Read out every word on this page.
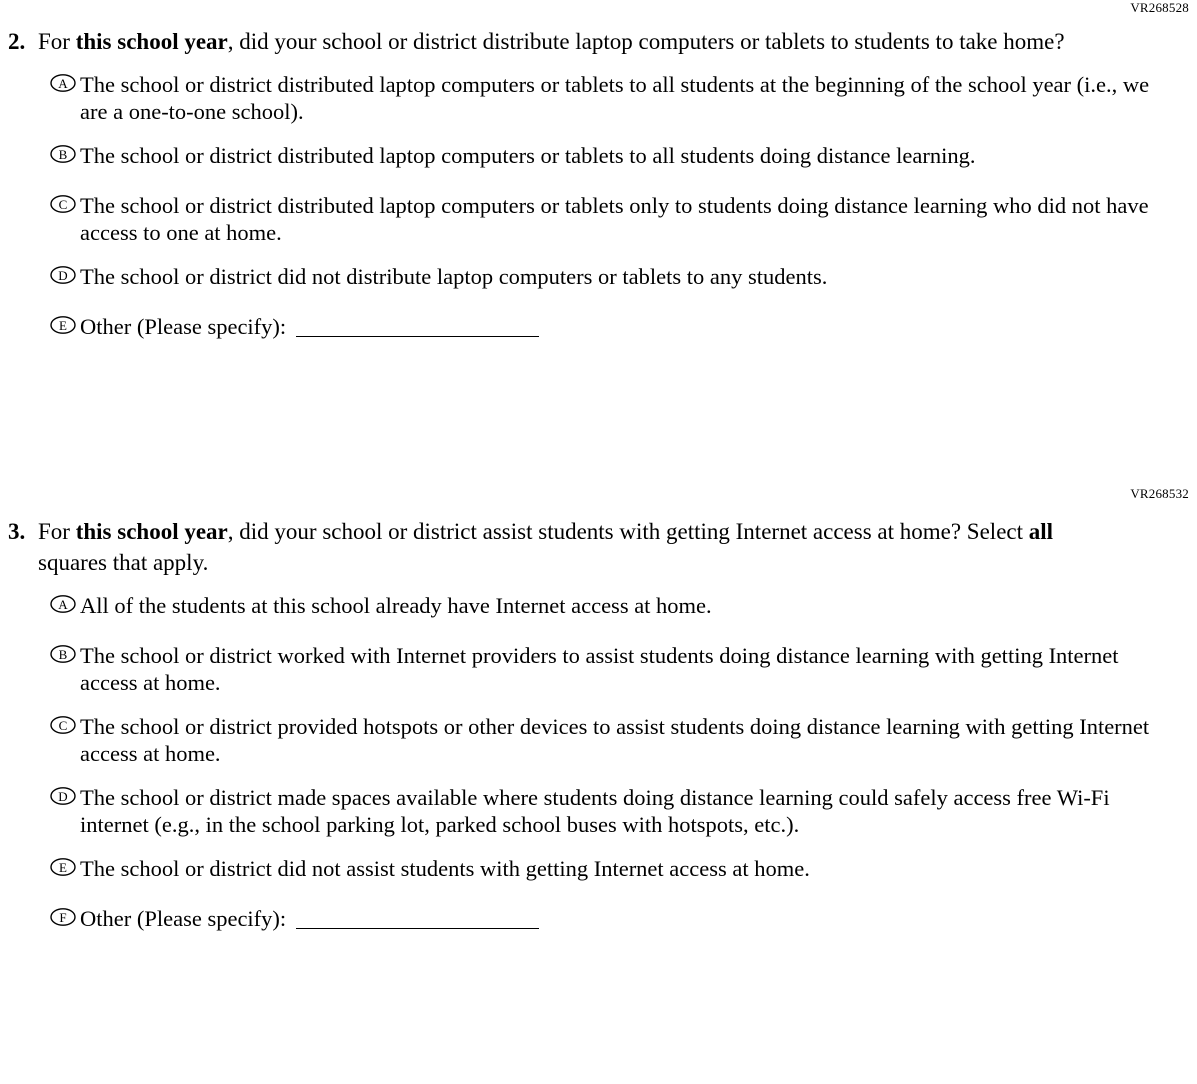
VR268528
2. For this school year, did your school or district distribute laptop computers or tablets to students to take home?
A The school or district distributed laptop computers or tablets to all students at the beginning of the school year (i.e., we are a one-to-one school).
B The school or district distributed laptop computers or tablets to all students doing distance learning.
C The school or district distributed laptop computers or tablets only to students doing distance learning who did not have access to one at home.
D The school or district did not distribute laptop computers or tablets to any students.
E Other (Please specify):
VR268532
3. For this school year, did your school or district assist students with getting Internet access at home? Select all squares that apply.
A All of the students at this school already have Internet access at home.
B The school or district worked with Internet providers to assist students doing distance learning with getting Internet access at home.
C The school or district provided hotspots or other devices to assist students doing distance learning with getting Internet access at home.
D The school or district made spaces available where students doing distance learning could safely access free Wi-Fi internet (e.g., in the school parking lot, parked school buses with hotspots, etc.).
E The school or district did not assist students with getting Internet access at home.
F Other (Please specify):
